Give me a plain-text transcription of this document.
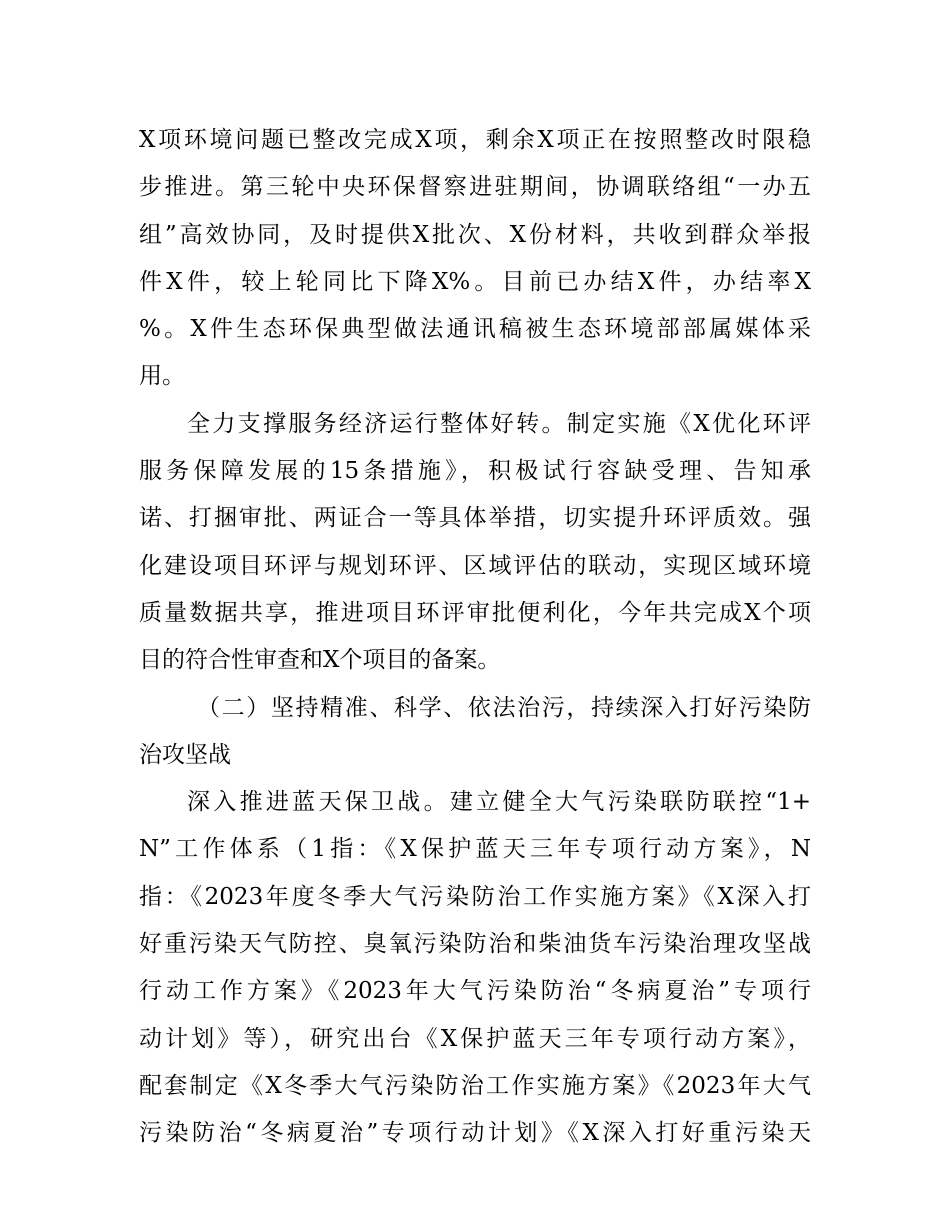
X项环境问题已整改完成X项，剩余X项正在按照整改时限稳
步推进。第三轮中央环保督察进驻期间，协调联络组“一办五
组”高效协同，及时提供X批次、X份材料，共收到群众举报
件X件，较上轮同比下降X%。目前已办结X件，办结率X
%。X件生态环保典型做法通讯稿被生态环境部部属媒体采
用。
全力支撑服务经济运行整体好转。制定实施《X优化环评
服务保障发展的15条措施》，积极试行容缺受理、告知承
诺、打捆审批、两证合一等具体举措，切实提升环评质效。强
化建设项目环评与规划环评、区域评估的联动，实现区域环境
质量数据共享，推进项目环评审批便利化，今年共完成X个项
目的符合性审查和X个项目的备案。
（二）坚持精准、科学、依法治污，持续深入打好污染防
治攻坚战
深入推进蓝天保卫战。建立健全大气污染联防联控“1+
N”工作体系（1指：《X保护蓝天三年专项行动方案》，N
指：《2023年度冬季大气污染防治工作实施方案》《X深入打
好重污染天气防控、臭氧污染防治和柴油货车污染治理攻坚战
行动工作方案》《2023年大气污染防治“冬病夏治”专项行
动计划》等），研究出台《X保护蓝天三年专项行动方案》，
配套制定《X冬季大气污染防治工作实施方案》《2023年大气
污染防治“冬病夏治”专项行动计划》《X深入打好重污染天
